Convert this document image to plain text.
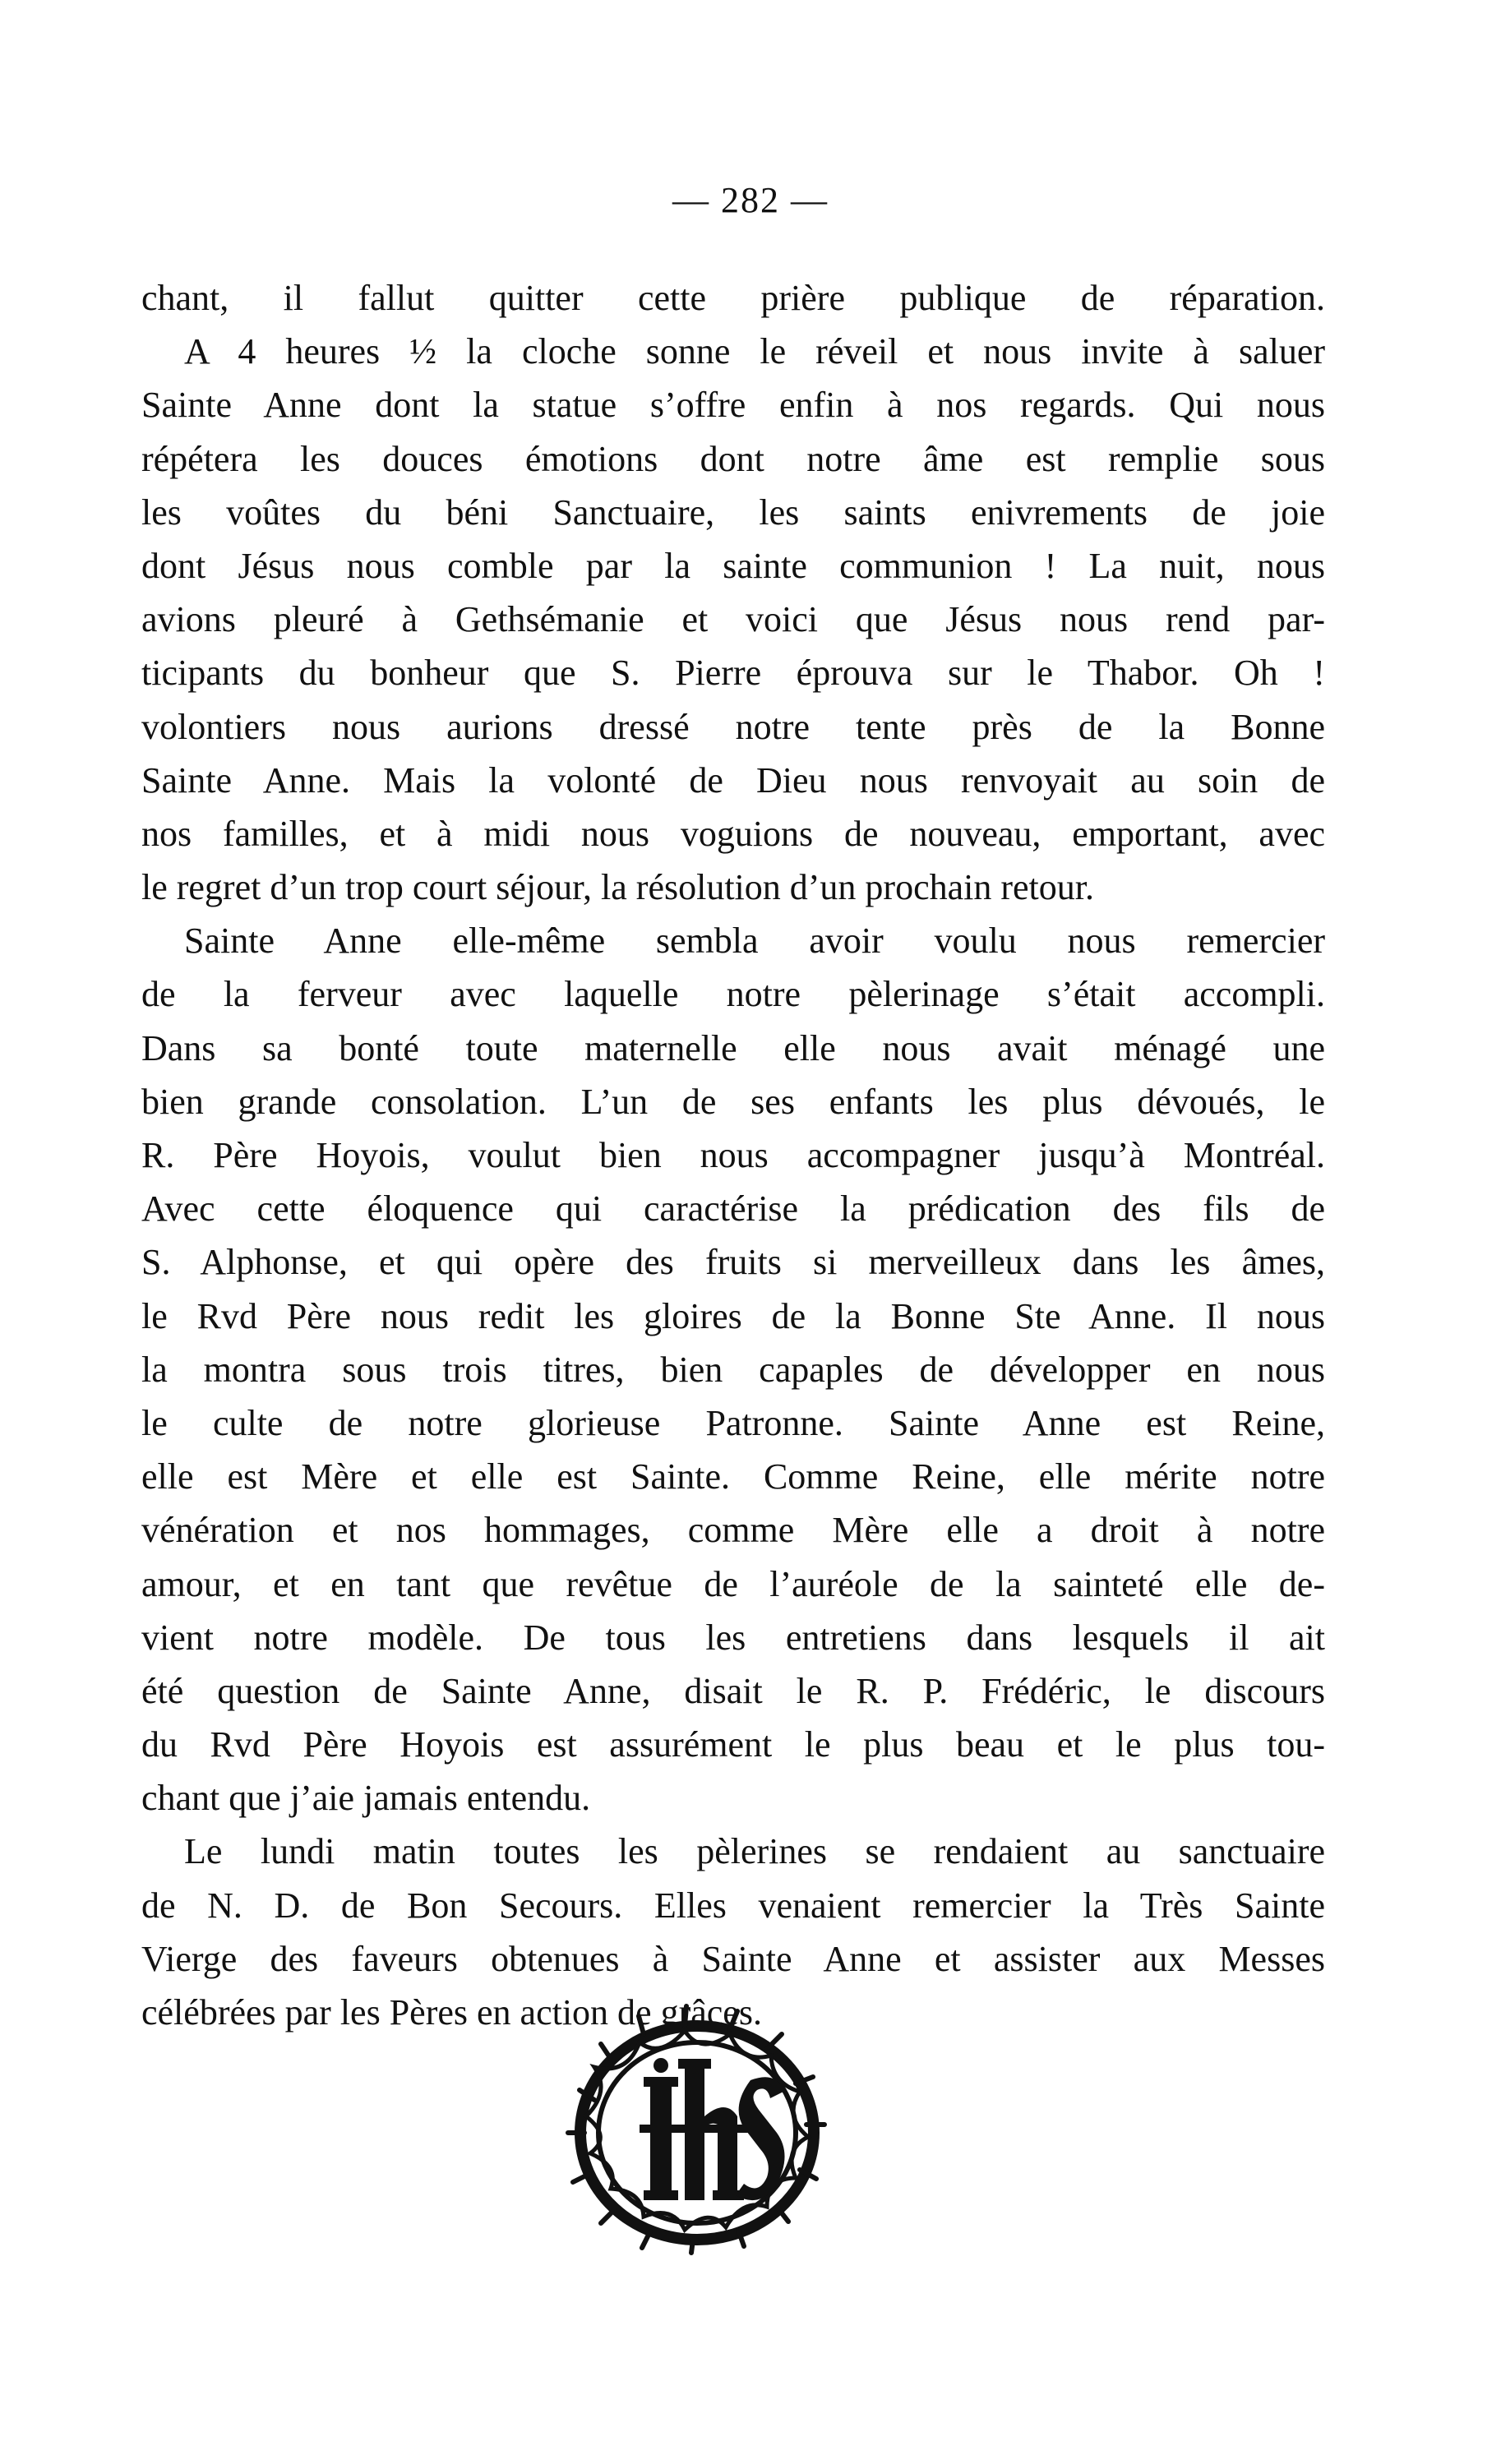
— 282 —
chant, il fallut quitter cette prière publique de réparation.
A 4 heures ½ la cloche sonne le réveil et nous invite à saluer
Sainte Anne dont la statue s’offre enfin à nos regards. Qui nous
répétera les douces émotions dont notre âme est remplie sous
les voûtes du béni Sanctuaire, les saints enivrements de joie
dont Jésus nous comble par la sainte communion ! La nuit, nous
avions pleuré à Gethsémanie et voici que Jésus nous rend par-
ticipants du bonheur que S. Pierre éprouva sur le Thabor. Oh !
volontiers nous aurions dressé notre tente près de la Bonne
Sainte Anne. Mais la volonté de Dieu nous renvoyait au soin de
nos familles, et à midi nous voguions de nouveau, emportant, avec
le regret d’un trop court séjour, la résolution d’un prochain retour.
Sainte Anne elle-même sembla avoir voulu nous remercier
de la ferveur avec laquelle notre pèlerinage s’était accompli.
Dans sa bonté toute maternelle elle nous avait ménagé une
bien grande consolation. L’un de ses enfants les plus dévoués, le
R. Père Hoyois, voulut bien nous accompagner jusqu’à Montréal.
Avec cette éloquence qui caractérise la prédication des fils de
S. Alphonse, et qui opère des fruits si merveilleux dans les âmes,
le Rvd Père nous redit les gloires de la Bonne Ste Anne. Il nous
la montra sous trois titres, bien capaples de développer en nous
le culte de notre glorieuse Patronne. Sainte Anne est Reine,
elle est Mère et elle est Sainte. Comme Reine, elle mérite notre
vénération et nos hommages, comme Mère elle a droit à notre
amour, et en tant que revêtue de l’auréole de la sainteté elle de-
vient notre modèle. De tous les entretiens dans lesquels il ait
été question de Sainte Anne, disait le R. P. Frédéric, le discours
du Rvd Père Hoyois est assurément le plus beau et le plus tou-
chant que j’aie jamais entendu.
Le lundi matin toutes les pèlerines se rendaient au sanctuaire
de N. D. de Bon Secours. Elles venaient remercier la Très Sainte
Vierge des faveurs obtenues à Sainte Anne et assister aux Messes
célébrées par les Pères en action de grâces.
